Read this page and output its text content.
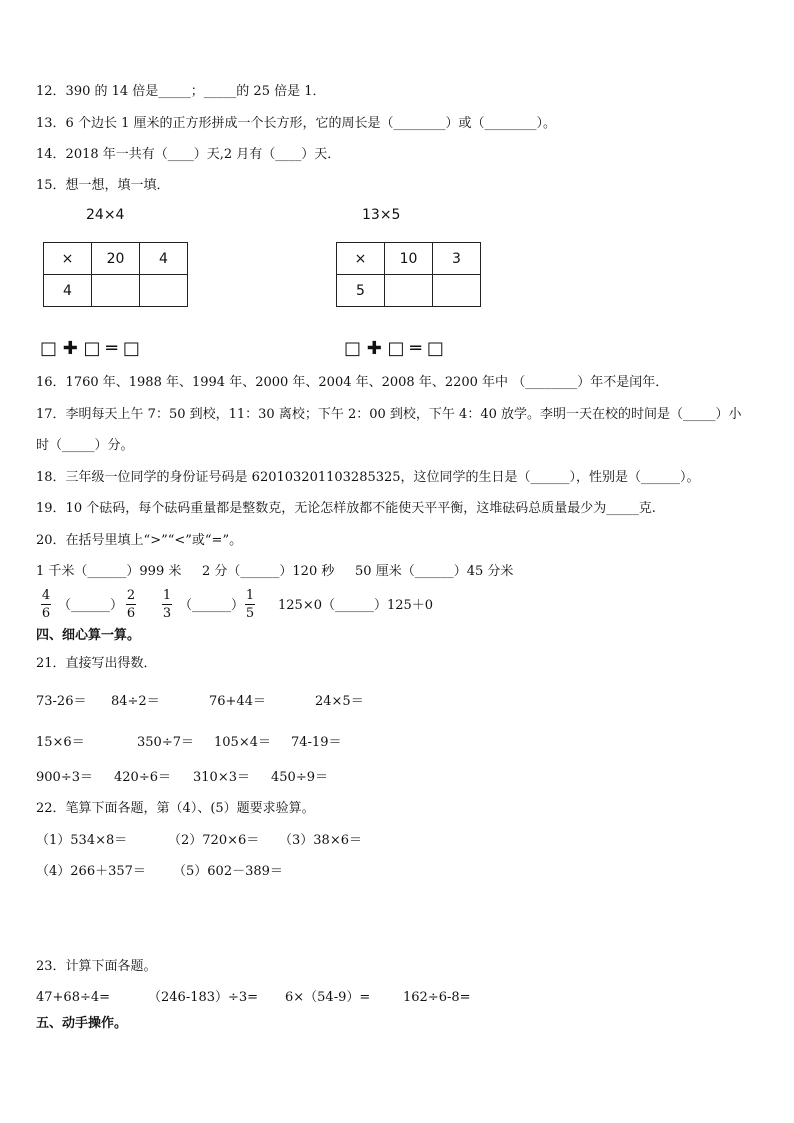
12．390 的 14 倍是_____；_____的 25 倍是 1．
13．6 个边长 1 厘米的正方形拼成一个长方形，它的周长是（________）或（________）。
14．2018 年一共有（____）天,2 月有（____）天．
15．想一想，填一填．
24×4	13×5
×	20	4
4		
×	10	3
5		
□ ✚ □ ═ □	□ ✚ □ ═ □
16．1760 年、1988 年、1994 年、2000 年、2004 年、2008 年、2200 年中 （________）年不是闰年．
17．李明每天上午 7：50 到校，11：30 离校；下午 2：00 到校，下午 4：40 放学。李明一天在校的时间是（_____）小
时（_____）分。
18．三年级一位同学的身份证号码是 620103201103285325，这位同学的生日是（______），性别是（______）。
19．10 个砝码，每个砝码重量都是整数克，无论怎样放都不能使天平平衡，这堆砝码总质量最少为_____克.
20．在括号里填上“>”“<”或“=”。
1 千米（______）999 米     2 分（______）120 秒     50 厘米（______）45 分米
4
6
（______）
2
6
1
3
（______）
1
5
125×0（______）125＋0
四、细心算一算。
21．直接写出得数．
73-26＝ 84÷2＝	76+44＝	24×5＝
15×6＝	350÷7＝ 105×4＝ 74-19＝
900÷3＝ 420÷6＝ 310×3＝ 450÷9＝
22．笔算下面各题，第（4）、(5）题要求验算。
（1）534×8＝	（2）720×6＝ （3）38×6＝
（4）266＋357＝ （5）602－389＝
23．计算下面各题。
47+68÷4=	（246-183）÷3= 6×（54-9）=	162÷6-8=
五、动手操作。
